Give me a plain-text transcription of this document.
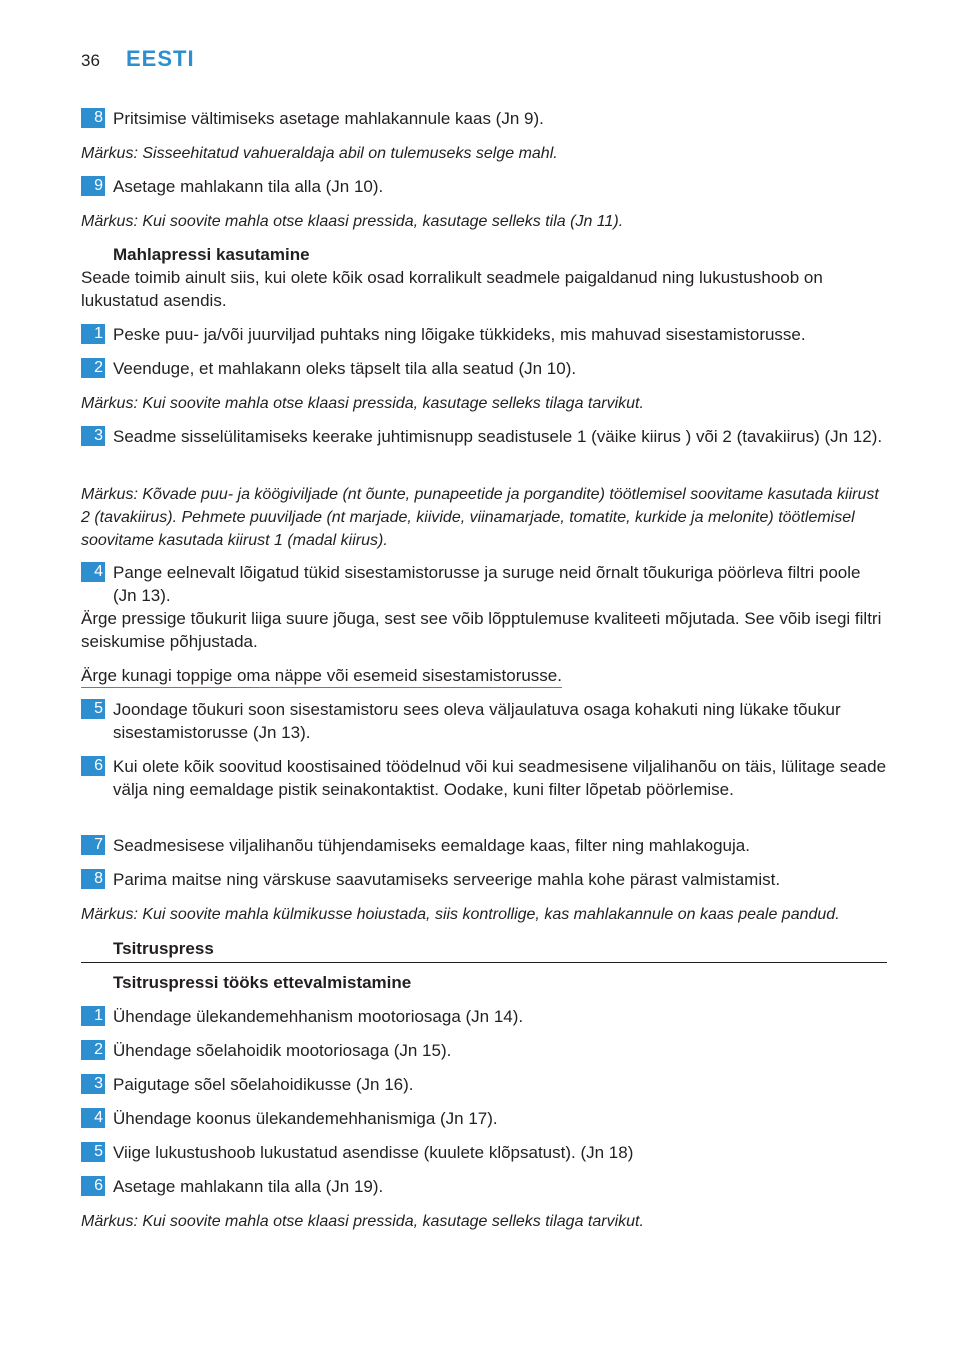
36 EESTI
8 Pritsimise vältimiseks asetage mahlakannule kaas (Jn 9).
Märkus: Sisseehitatud vahueraldaja abil on tulemuseks selge mahl.
9 Asetage mahlakann tila alla (Jn 10).
Märkus: Kui soovite mahla otse klaasi pressida, kasutage selleks tila (Jn 11).
Mahlapressi kasutamine
Seade toimib ainult siis, kui olete kõik osad korralikult seadmele paigaldanud ning lukustushoob on lukustatud asendis.
1 Peske puu- ja/või juurviljad puhtaks ning lõigake tükkideks, mis mahuvad sisestamistorusse.
2 Veenduge, et mahlakann oleks täpselt tila alla seatud (Jn 10).
Märkus: Kui soovite mahla otse klaasi pressida, kasutage selleks tilaga tarvikut.
3 Seadme sisselülitamiseks keerake juhtimisnupp seadistusele 1 (väike kiirus ) või 2 (tavakiirus) (Jn 12).
Märkus: Kõvade puu- ja köögiviljade (nt õunte, punapeetide ja porgandite) töötlemisel soovitame kasutada kiirust 2 (tavakiirus). Pehmete puuviljade (nt marjade, kiivide, viinamarjade, tomatite, kurkide ja melonite) töötlemisel soovitame kasutada kiirust 1 (madal kiirus).
4 Pange eelnevalt lõigatud tükid sisestamistorusse ja suruge neid õrnalt tõukuriga pöörleva filtri poole (Jn 13).
Ärge pressige tõukurit liiga suure jõuga, sest see võib lõpptulemuse kvaliteeti mõjutada. See võib isegi filtri seiskumise põhjustada.
Ärge kunagi toppige oma näppe või esemeid sisestamistorusse.
5 Joondage tõukuri soon sisestamistoru sees oleva väljaulatuva osaga kohakuti ning lükake tõukur sisestamistorusse (Jn 13).
6 Kui olete kõik soovitud koostisained töödelnud või kui seadmesisene viljalihanõu on täis, lülitage seade välja ning eemaldage pistik seinakontaktist. Oodake, kuni filter lõpetab pöörlemise.
7 Seadmesisese viljalihanõu tühjendamiseks eemaldage kaas, filter ning mahlakoguja.
8 Parima maitse ning värskuse saavutamiseks serveerige mahla kohe pärast valmistamist.
Märkus: Kui soovite mahla külmikusse hoiustada, siis kontrollige, kas mahlakannule on kaas peale pandud.
Tsitruspress
Tsitruspressi tööks ettevalmistamine
1 Ühendage ülekandemehhanism mootoriosaga (Jn 14).
2 Ühendage sõelahoidik mootoriosaga (Jn 15).
3 Paigutage sõel sõelahoidikusse (Jn 16).
4 Ühendage koonus ülekandemehhanismiga (Jn 17).
5 Viige lukustushoob lukustatud asendisse (kuulete klõpsatust). (Jn 18)
6 Asetage mahlakann tila alla (Jn 19).
Märkus: Kui soovite mahla otse klaasi pressida, kasutage selleks tilaga tarvikut.
